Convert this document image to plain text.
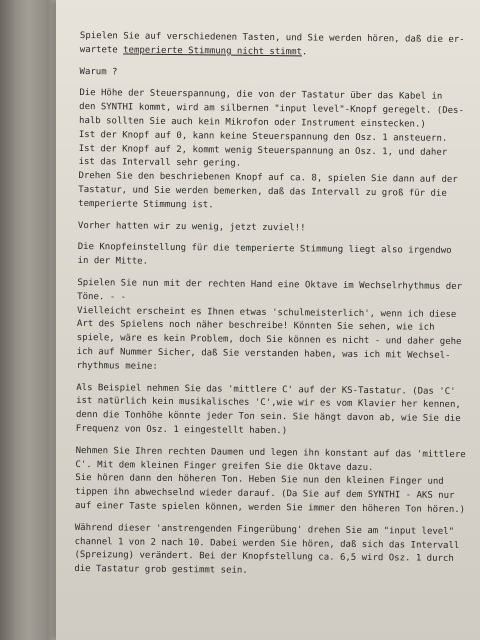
Spielen Sie auf verschiedenen Tasten, und Sie werden hören, daß die er-
wartete temperierte Stimmung nicht stimmt.
Warum ?
Die Höhe der Steuerspannung, die von der Tastatur über das Kabel in
den SYNTHI kommt, wird am silbernen "input level"-Knopf geregelt. (Des-
halb sollten Sie auch kein Mikrofon oder Instrument einstecken.)
Ist der Knopf auf 0, kann keine Steuerspannung den Osz. 1 ansteuern.
Ist der Knopf auf 2, kommt wenig Steuerspannung an Osz. 1, und daher
ist das Intervall sehr gering.
Drehen Sie den beschriebenen Knopf auf ca. 8, spielen Sie dann auf der
Tastatur, und Sie werden bemerken, daß das Intervall zu groß für die
temperierte Stimmung ist.
Vorher hatten wir zu wenig, jetzt zuviel!!
Die Knopfeinstellung für die temperierte Stimmung liegt also irgendwo
in der Mitte.
Spielen Sie nun mit der rechten Hand eine Oktave im Wechselrhythmus der
Töne. - -
Vielleicht erscheint es Ihnen etwas 'schulmeisterlich', wenn ich diese
Art des Spielens noch näher beschreibe! Könnten Sie sehen, wie ich
spiele, wäre es kein Problem, doch Sie können es nicht - und daher gehe
ich auf Nummer Sicher, daß Sie verstanden haben, was ich mit Wechsel-
rhythmus meine:
Als Beispiel nehmen Sie das 'mittlere C' auf der KS-Tastatur. (Das 'C'
ist natürlich kein musikalisches 'C',wie wir es vom Klavier her kennen,
denn die Tonhöhe könnte jeder Ton sein. Sie hängt davon ab, wie Sie die
Frequenz von Osz. 1 eingestellt haben.)
Nehmen Sie Ihren rechten Daumen und legen ihn konstant auf das 'mittlere
C'. Mit dem kleinen Finger greifen Sie die Oktave dazu.
Sie hören dann den höheren Ton. Heben Sie nun den kleinen Finger und
tippen ihn abwechselnd wieder darauf. (Da Sie auf dem SYNTHI - AKS nur
auf einer Taste spielen können, werden Sie immer den höheren Ton hören.)
Während dieser 'anstrengenden Fingerübung' drehen Sie am "input level"
channel 1 von 2 nach 10. Dabei werden Sie hören, daß sich das Intervall
(Spreizung) verändert. Bei der Knopfstellung ca. 6,5 wird Osz. 1 durch
die Tastatur grob gestimmt sein.
